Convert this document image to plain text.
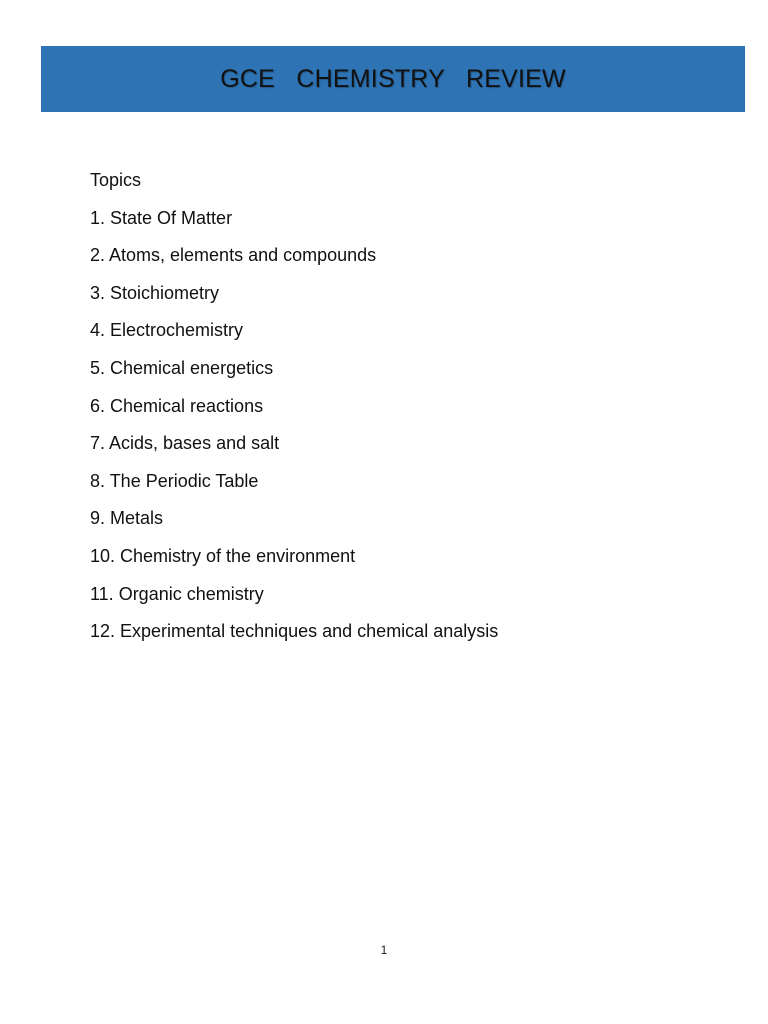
GCE   CHEMISTRY   REVIEW
Topics
1. State Of Matter
2. Atoms, elements and compounds
3. Stoichiometry
4. Electrochemistry
5. Chemical energetics
6. Chemical reactions
7. Acids, bases and salt
8. The Periodic Table
9. Metals
10. Chemistry of the environment
11. Organic chemistry
12. Experimental techniques and chemical analysis
1
